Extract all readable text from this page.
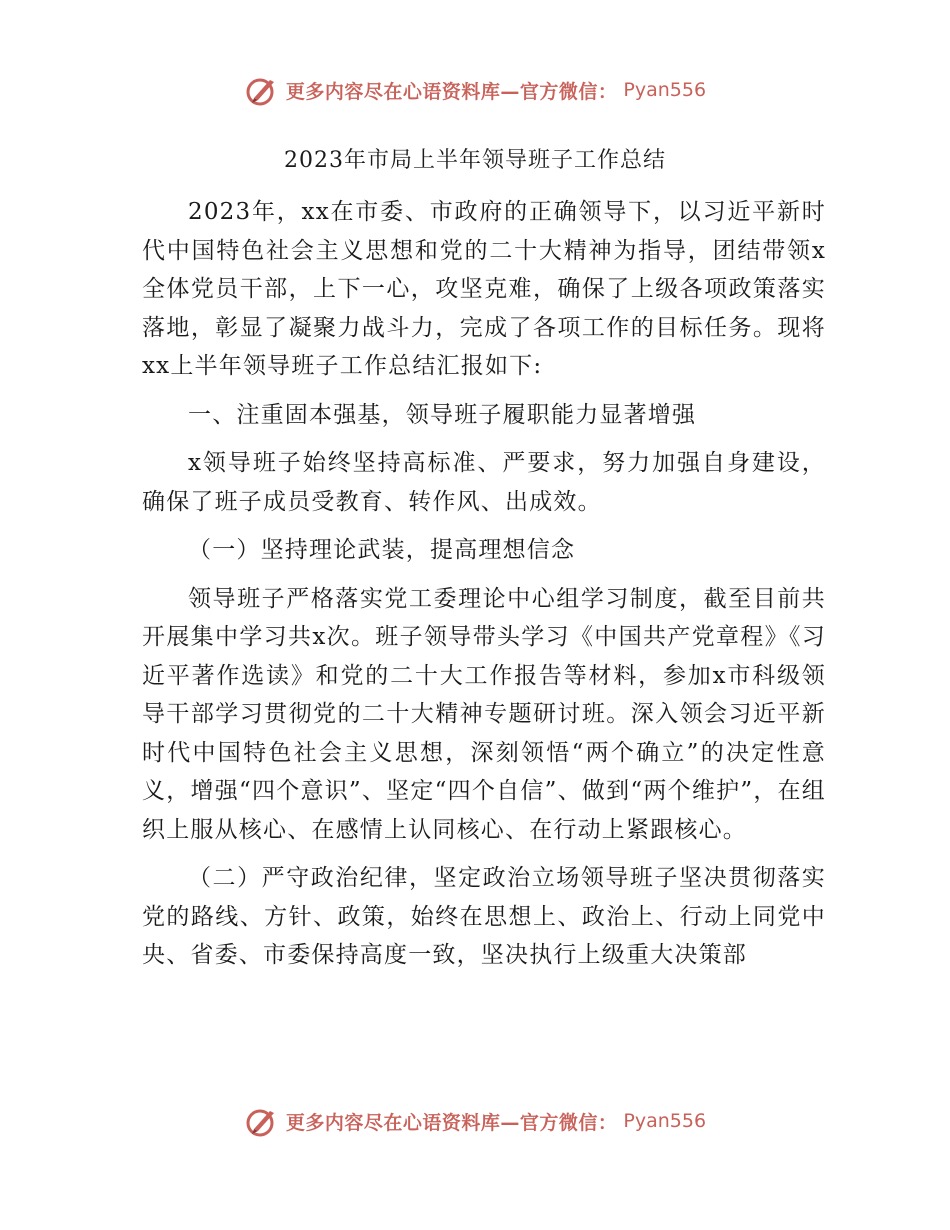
更多内容尽在心语资料库—官方微信： Pyan556
2023年市局上半年领导班子工作总结

2023年，xx在市委、市政府的正确领导下，以习近平新时代中国特色社会主义思想和党的二十大精神为指导，团结带领x全体党员干部，上下一心，攻坚克难，确保了上级各项政策落实落地，彰显了凝聚力战斗力，完成了各项工作的目标任务。现将xx上半年领导班子工作总结汇报如下:

一、注重固本强基，领导班子履职能力显著增强

x领导班子始终坚持高标准、严要求，努力加强自身建设，确保了班子成员受教育、转作风、出成效。

（一）坚持理论武装，提高理想信念

领导班子严格落实党工委理论中心组学习制度，截至目前共开展集中学习共x次。班子领导带头学习《中国共产党章程》《习近平著作选读》和党的二十大工作报告等材料，参加x市科级领导干部学习贯彻党的二十大精神专题研讨班。深入领会习近平新时代中国特色社会主义思想，深刻领悟“两个确立”的决定性意义，增强“四个意识”、坚定“四个自信”、做到“两个维护”，在组织上服从核心、在感情上认同核心、在行动上紧跟核心。

（二）严守政治纪律，坚定政治立场领导班子坚决贯彻落实党的路线、方针、政策，始终在思想上、政治上、行动上同党中央、省委、市委保持高度一致，坚决执行上级重大决策部

更多内容尽在心语资料库—官方微信： Pyan556
